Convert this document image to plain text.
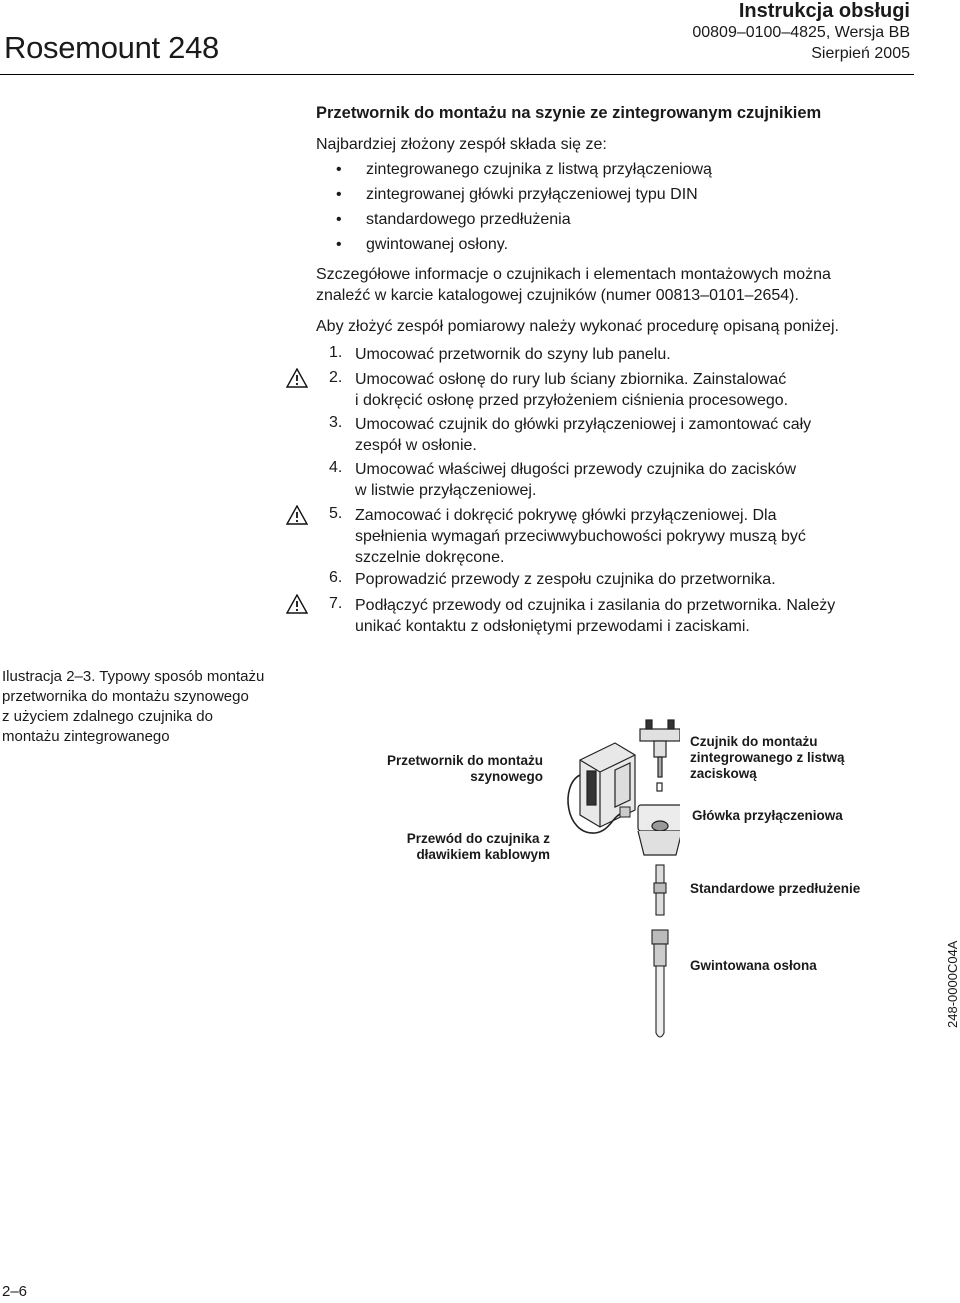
Rosemount 248
Instrukcja obsługi
00809–0100–4825, Wersja BB
Sierpień 2005
Przetwornik do montażu na szynie ze zintegrowanym czujnikiem
Najbardziej złożony zespół składa się ze:
• zintegrowanego czujnika z listwą przyłączeniową
• zintegrowanej główki przyłączeniowej typu DIN
• standardowego przedłużenia
• gwintowanej osłony.
Szczegółowe informacje o czujnikach i elementach montażowych można
znaleźć w karcie katalogowej czujników (numer 00813–0101–2654).
Aby złożyć zespół pomiarowy należy wykonać procedurę opisaną poniżej.
1. Umocować przetwornik do szyny lub panelu.
2. Umocować osłonę do rury lub ściany zbiornika. Zainstalować
i dokręcić osłonę przed przyłożeniem ciśnienia procesowego.
3. Umocować czujnik do główki przyłączeniowej i zamontować cały
zespół w osłonie.
4. Umocować właściwej długości przewody czujnika do zacisków
w listwie przyłączeniowej.
5. Zamocować i dokręcić pokrywę główki przyłączeniowej. Dla
spełnienia wymagań przeciwwybuchowości pokrywy muszą być
szczelnie dokręcone.
6. Poprowadzić przewody z zespołu czujnika do przetwornika.
7. Podłączyć przewody od czujnika i zasilania do przetwornika. Należy
unikać kontaktu z odsłoniętymi przewodami i zaciskami.
Ilustracja 2–3. Typowy sposób montażu
przetwornika do montażu szynowego
z użyciem zdalnego czujnika do
montażu zintegrowanego
Przetwornik do montażu
szynowego
Przewód do czujnika z
dławikiem kablowym
Czujnik do montażu
zintegrowanego z listwą
zaciskową
Główka przyłączeniowa
Standardowe przedłużenie
Gwintowana osłona	248-0000C04A
2–6
